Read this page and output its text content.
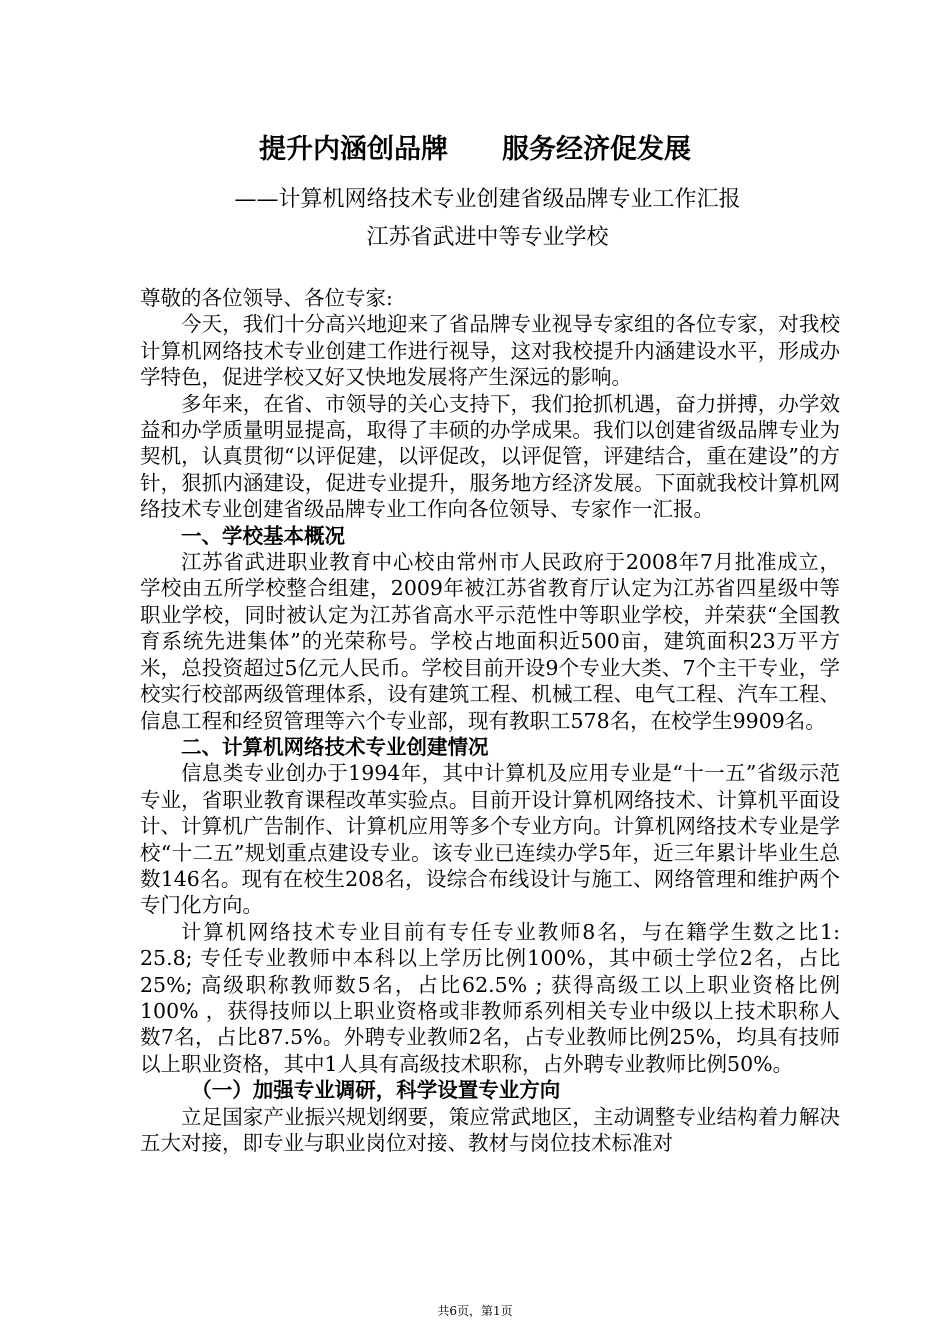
提升内涵创品牌　　服务经济促发展
——计算机网络技术专业创建省级品牌专业工作汇报
江苏省武进中等专业学校

尊敬的各位领导、各位专家:

今天，我们十分高兴地迎来了省品牌专业视导专家组的各位专家，对我校计算机网络技术专业创建工作进行视导，这对我校提升内涵建设水平，形成办学特色，促进学校又好又快地发展将产生深远的影响。

多年来，在省、市领导的关心支持下，我们抢抓机遇，奋力拼搏，办学效益和办学质量明显提高，取得了丰硕的办学成果。我们以创建省级品牌专业为契机，认真贯彻“以评促建，以评促改，以评促管，评建结合，重在建设”的方针，狠抓内涵建设，促进专业提升，服务地方经济发展。下面就我校计算机网络技术专业创建省级品牌专业工作向各位领导、专家作一汇报。

一、学校基本概况

江苏省武进职业教育中心校由常州市人民政府于2008年7月批准成立，学校由五所学校整合组建，2009年被江苏省教育厅认定为江苏省四星级中等职业学校，同时被认定为江苏省高水平示范性中等职业学校，并荣获“全国教育系统先进集体”的光荣称号。学校占地面积近500亩，建筑面积23万平方米，总投资超过5亿元人民币。学校目前开设9个专业大类、7个主干专业，学校实行校部两级管理体系，设有建筑工程、机械工程、电气工程、汽车工程、信息工程和经贸管理等六个专业部，现有教职工578名，在校学生9909名。

二、计算机网络技术专业创建情况

信息类专业创办于1994年，其中计算机及应用专业是“十一五”省级示范专业，省职业教育课程改革实验点。目前开设计算机网络技术、计算机平面设计、计算机广告制作、计算机应用等多个专业方向。计算机网络技术专业是学校“十二五”规划重点建设专业。该专业已连续办学5年，近三年累计毕业生总数146名。现有在校生208名，设综合布线设计与施工、网络管理和维护两个专门化方向。

计算机网络技术专业目前有专任专业教师8名，与在籍学生数之比1: 25.8; 专任专业教师中本科以上学历比例100%，其中硕士学位2名，占比25%; 高级职称教师数5名，占比62.5% ; 获得高级工以上职业资格比例100% ，获得技师以上职业资格或非教师系列相关专业中级以上技术职称人数7名，占比87.5%。外聘专业教师2名，占专业教师比例25%，均具有技师以上职业资格，其中1人具有高级技术职称，占外聘专业教师比例50%。

（一）加强专业调研，科学设置专业方向

立足国家产业振兴规划纲要，策应常武地区，主动调整专业结构着力解决五大对接，即专业与职业岗位对接、教材与岗位技术标准对

共6页，第1页
